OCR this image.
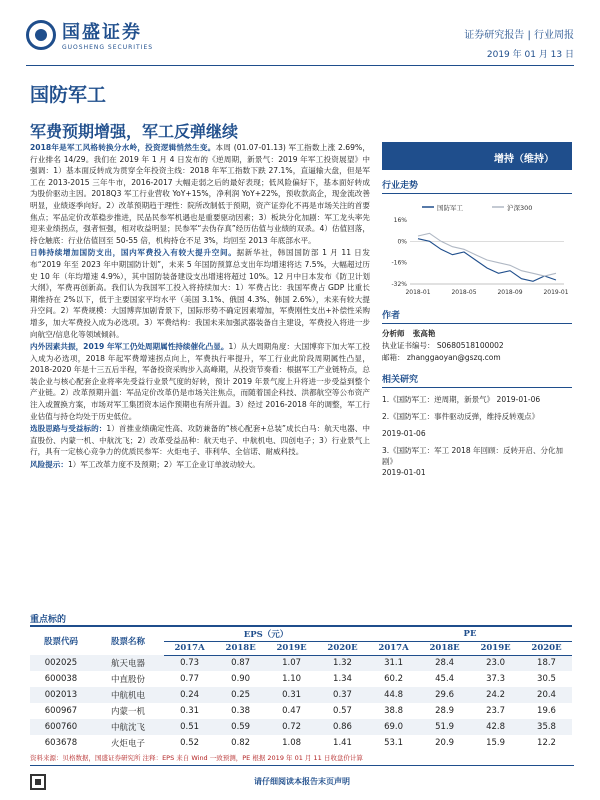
国盛证券
GUOSHENG SECURITIES
证券研究报告 | 行业周报
2019 年 01 月 13 日
国防军工
军费预期增强，军工反弹继续

2018年是军工风格转换分水岭，投资逻辑悄然生变。本周 (01.07-01.13) 军工指数上涨 2.69%，行业排名 14/29。我们在 2019 年 1 月 4 日发布的《逆周期，新景气：2019 年军工投资展望》中强调：1）基本面反转成为贯穿全年投资主线：2018 年军工指数下跌 27.1%，直逼输大盘，但是军工在 2013-2015 三年牛市，2016-2017 大幅走弱之后的最好表现；低风险偏好下，基本面好转成为股价驱动主因。2018Q3 军工行业营收 YoY+15%，净利润 YoY+22%，预收款高企，现金流改善明显，业绩逐季向好。2）改革预期趋于理性：院所改制低于预期，资产证券化不再是市场关注的首要焦点；军品定价改革稳步推进，民品民参军机遇也是重要驱动因素；3）板块分化加剧：军工龙头率先迎来业绩拐点，强者恒强，相对收益明显；民参军“去伪存真”经历估值与业绩的双杀。4）估值回落，持仓触底：行业估值回至 50-55 倍，机构持仓不足 3%，均回至 2013 年底部水平。

日韩持续增加国防支出，国内军费投入有较大提升空间。据新华社，韩国国防部 1 月 11 日发布“2019 年至 2023 年中期国防计划”，未来 5 年国防预算总支出年均增速将达 7.5%，大幅超过历史 10 年（年均增速 4.9%），其中国防装备建设支出增速将超过 10%。12 月中日本发布《防卫计划大纲》，军费再创新高。我们认为我国军工投入将持续加大：1）军费占比：我国军费占 GDP 比重长期维持在 2%以下，低于主要国家平均水平（美国 3.1%、俄国 4.3%、韩国 2.6%），未来有较大提升空间。2）军费规模：大国博弈加剧背景下，国际形势不确定因素增加，军费刚性支出+补偿性采购增多，加大军费投入成为必选项。3）军费结构：我国未来加强武器装备自主建设，军费投入将进一步向航空/信息化等领域倾斜。

内外因素共振，2019 年军工仍处周期属性持续催化凸显。1）从大周期角度：大国博弈下加大军工投入成为必选项，2018 年起军费增速拐点向上，军费执行率提升，军工行业此阶段周期属性凸显，2018-2020 年是十三五后半程，军备投资采购步入高峰期，从投资节奏看：根据军工产业链特点，总装企业与核心配套企业将率先受益行业景气度的好转，预计 2019 年景气度上升将进一步受益到整个产业链。2）改革预期升温：军品定价改革仍是市场关注焦点，而随着国企科技、洪都航空等公布资产注入或置换方案，市场对军工集团资本运作预期也有所升温。3）经过 2016-2018 年的调整，军工行业估值与持仓均处于历史低位。

选股思路与受益标的：1）首推业绩确定性高、攻防兼备的“核心配套+总装”成长白马：航天电器、中直股份、内蒙一机、中航沈飞；2）改革受益品种：航天电子、中航机电、四创电子；3）行业景气上行，具有一定核心竞争力的优质民参军：火炬电子、菲利华、全信诺、耐威科技。

风险提示：1）军工改革力度不及预期；2）军工企业订单波动较大。

增持（维持）
行业走势
国防军工	沪深300
16%
0%
-16%
-32%
2018-01	2018-05	2018-09	2019-01
作者
分析师 张高艳
执业证书编号： S0680518100002
邮箱： zhanggaoyan@gszq.com
相关研究
1.《国防军工：逆周期，新景气》 2019-01-06
2.《国防军工：事件驱动反弹，维持反转观点》
2019-01-06
3.《国防军工：军工 2018 年回顾：反转开启、分化加剧》
2019-01-01
重点标的
股票代码	股票名称	EPS（元）				PE			
		2017A	2018E	2019E	2020E	2017A	2018E	2019E	2020E
002025	航天电器	0.73	0.87	1.07	1.32	31.1	28.4	23.0	18.7
600038	中直股份	0.77	0.90	1.10	1.34	60.2	45.4	37.3	30.5
002013	中航机电	0.24	0.25	0.31	0.37	44.8	29.6	24.2	20.4
600967	内蒙一机	0.31	0.38	0.47	0.57	38.8	28.9	23.7	19.6
600760	中航沈飞	0.51	0.59	0.72	0.86	69.0	51.9	42.8	35.8
603678	火炬电子	0.52	0.82	1.08	1.41	53.1	20.9	15.9	12.2
资料来源：贝格数据，国盛证券研究所 注释：EPS 来自 Wind 一致预测，PE 根据 2019 年 01 月 11 日收盘价计算
请仔细阅读本报告末页声明
